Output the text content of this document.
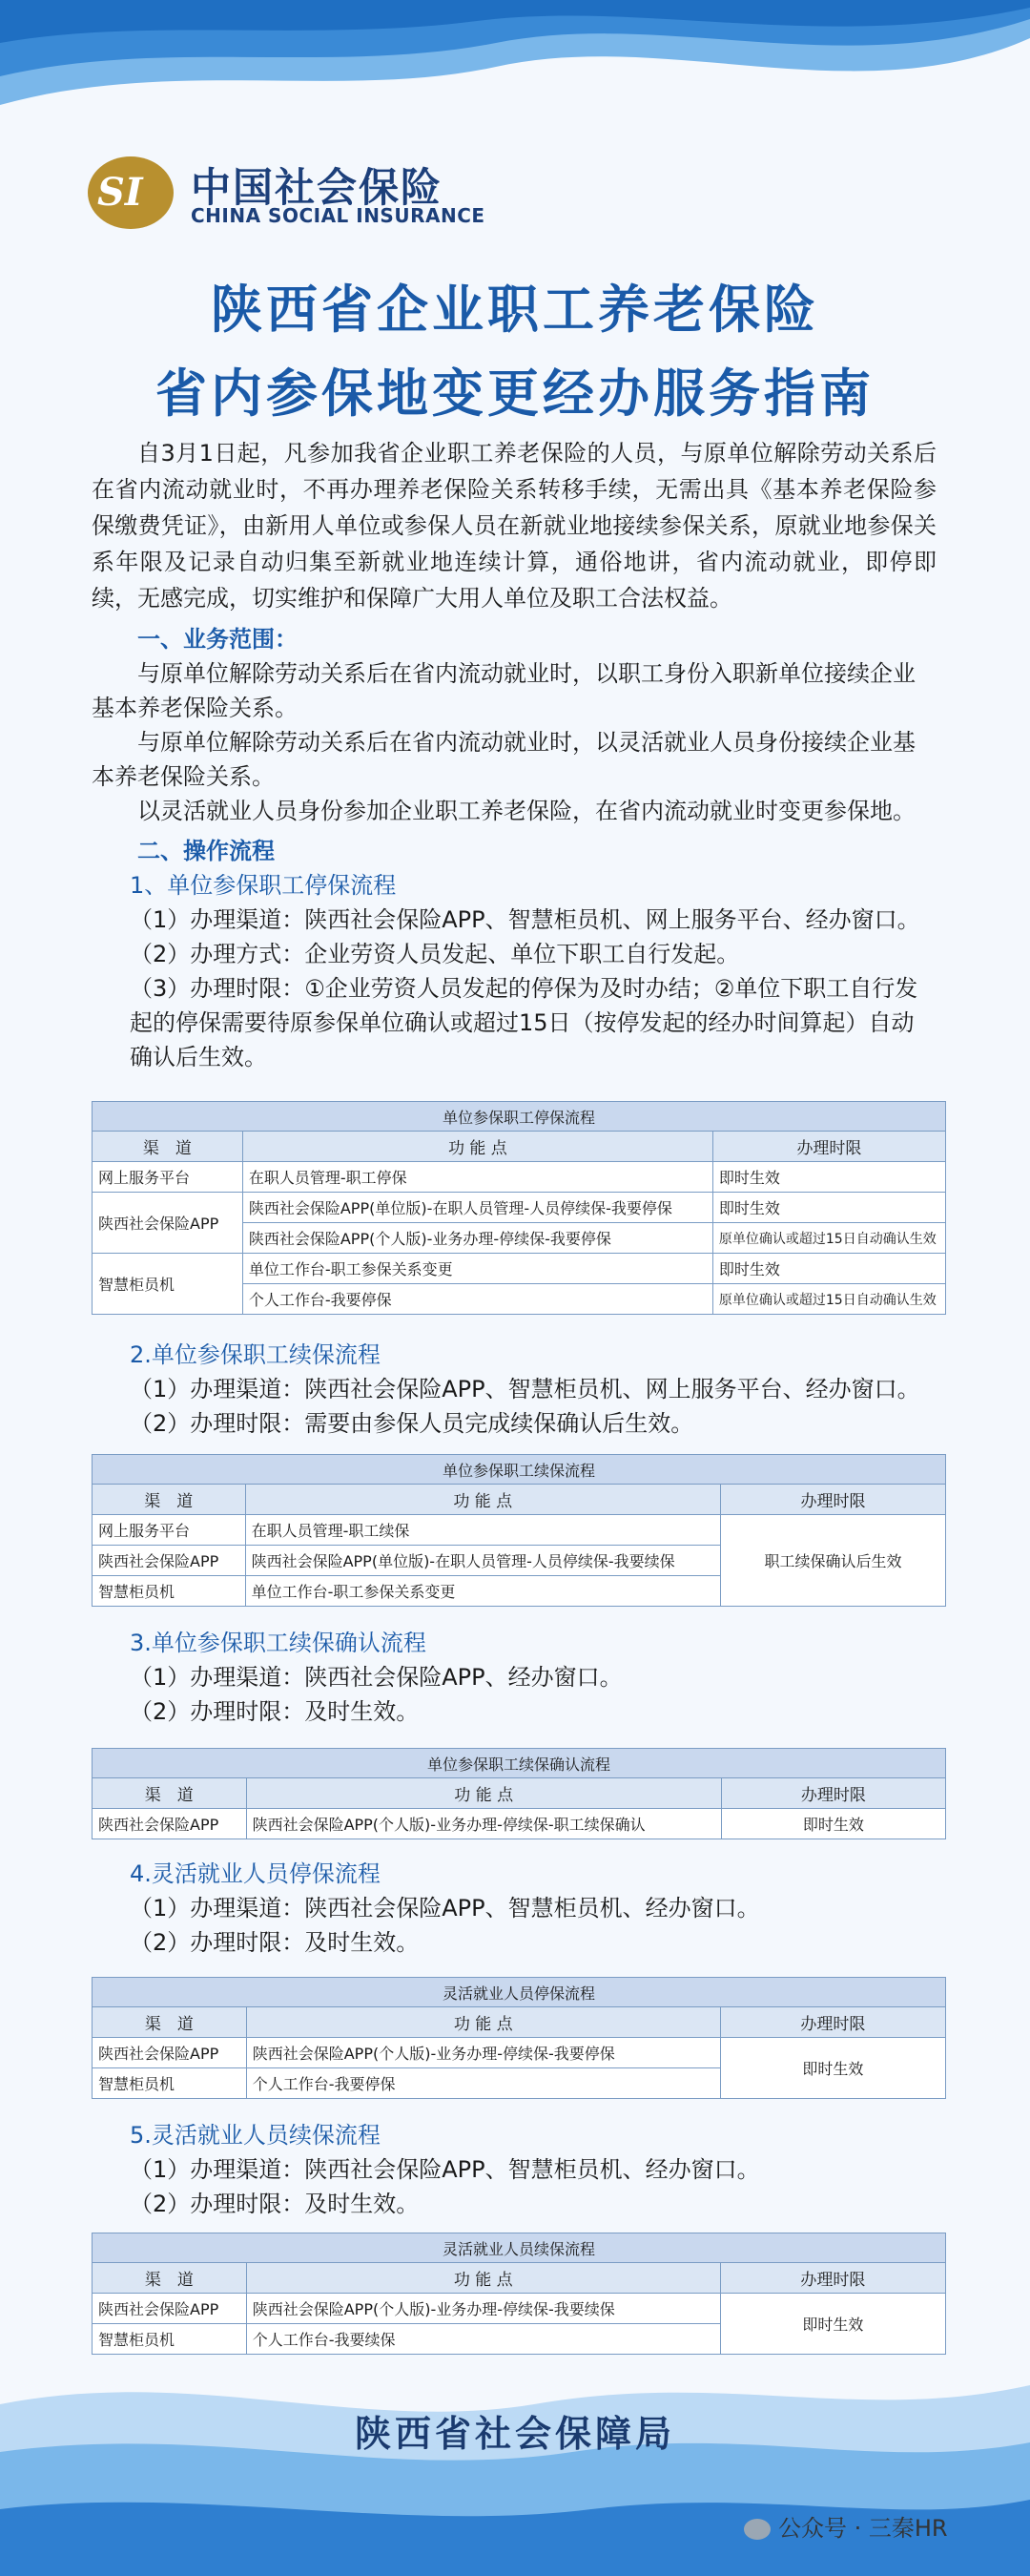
SI 中国社会保险
CHINA SOCIAL INSURANCE
陕西省企业职工养老保险
省内参保地变更经办服务指南
自3月1日起，凡参加我省企业职工养老保险的人员，与原单位解除劳动关系后在省内流动就业时，不再办理养老保险关系转移手续，无需出具《基本养老保险参保缴费凭证》，由新用人单位或参保人员在新就业地接续参保关系，原就业地参保关系年限及记录自动归集至新就业地连续计算，通俗地讲，省内流动就业，即停即续，无感完成，切实维护和保障广大用人单位及职工合法权益。
一、业务范围：
与原单位解除劳动关系后在省内流动就业时，以职工身份入职新单位接续企业基本养老保险关系。
与原单位解除劳动关系后在省内流动就业时，以灵活就业人员身份接续企业基本养老保险关系。
以灵活就业人员身份参加企业职工养老保险，在省内流动就业时变更参保地。
二、操作流程
1、单位参保职工停保流程
（1）办理渠道：陕西社会保险APP、智慧柜员机、网上服务平台、经办窗口。
（2）办理方式：企业劳资人员发起、单位下职工自行发起。
（3）办理时限：①企业劳资人员发起的停保为及时办结；②单位下职工自行发起的停保需要待原参保单位确认或超过15日（按停发起的经办时间算起）自动确认后生效。
单位参保职工停保流程		
渠　道	功 能 点	办理时限
网上服务平台	在职人员管理-职工停保	即时生效
陕西社会保险APP	陕西社会保险APP(单位版)-在职人员管理-人员停续保-我要停保	即时生效
	陕西社会保险APP(个人版)-业务办理-停续保-我要停保	原单位确认或超过15日自动确认生效
智慧柜员机	单位工作台-职工参保关系变更	即时生效
	个人工作台-我要停保	原单位确认或超过15日自动确认生效
2.单位参保职工续保流程
（1）办理渠道：陕西社会保险APP、智慧柜员机、网上服务平台、经办窗口。
（2）办理时限：需要由参保人员完成续保确认后生效。
单位参保职工续保流程		
渠　道	功 能 点	办理时限
网上服务平台	在职人员管理-职工续保	职工续保确认后生效
陕西社会保险APP	陕西社会保险APP(单位版)-在职人员管理-人员停续保-我要续保	
智慧柜员机	单位工作台-职工参保关系变更	
3.单位参保职工续保确认流程
（1）办理渠道：陕西社会保险APP、经办窗口。
（2）办理时限：及时生效。
单位参保职工续保确认流程		
渠　道	功 能 点	办理时限
陕西社会保险APP	陕西社会保险APP(个人版)-业务办理-停续保-职工续保确认	即时生效
4.灵活就业人员停保流程
（1）办理渠道：陕西社会保险APP、智慧柜员机、经办窗口。
（2）办理时限：及时生效。
灵活就业人员停保流程		
渠　道	功 能 点	办理时限
陕西社会保险APP	陕西社会保险APP(个人版)-业务办理-停续保-我要停保	即时生效
智慧柜员机	个人工作台-我要停保	
5.灵活就业人员续保流程
（1）办理渠道：陕西社会保险APP、智慧柜员机、经办窗口。
（2）办理时限：及时生效。
灵活就业人员续保流程		
渠　道	功 能 点	办理时限
陕西社会保险APP	陕西社会保险APP(个人版)-业务办理-停续保-我要续保	即时生效
智慧柜员机	个人工作台-我要续保	
陕西省社会保障局
公众号 · 三秦HR
